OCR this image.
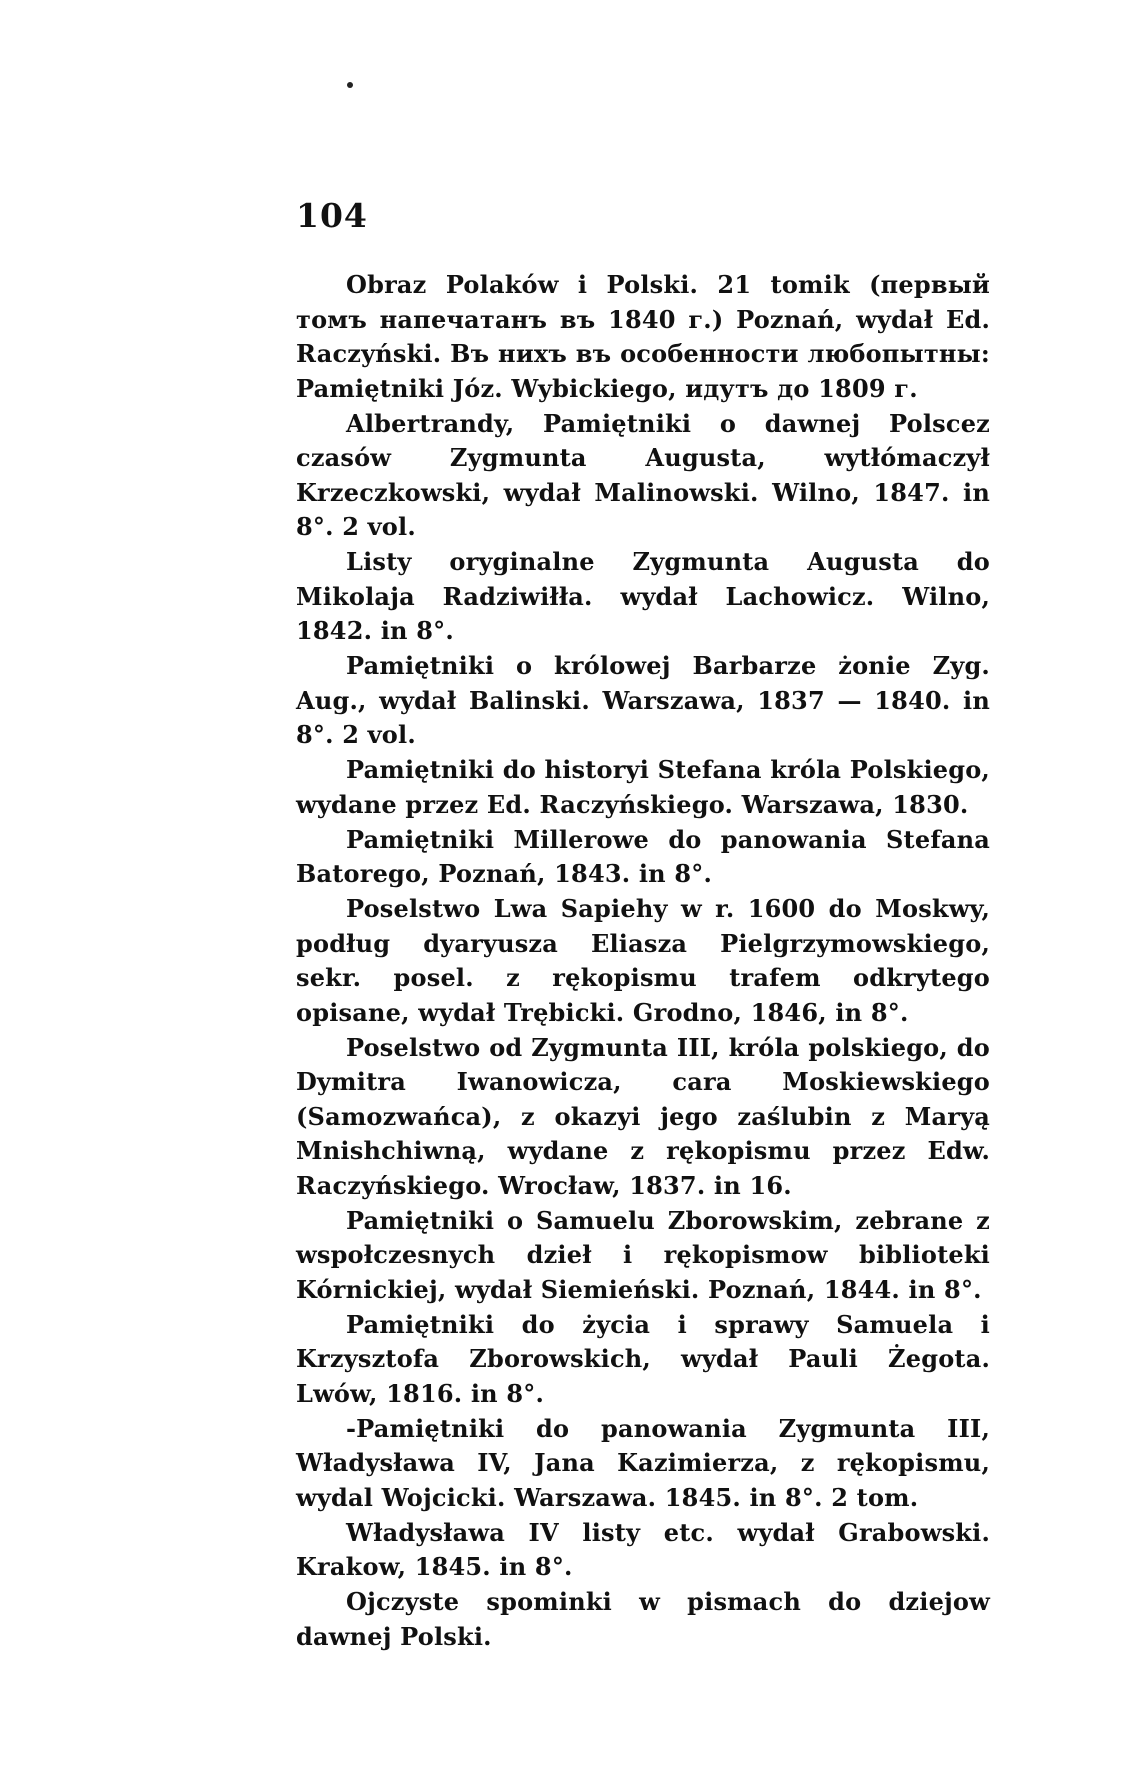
104

Obraz Polaków i Polski. 21 tomik (первый томъ напечатанъ въ 1840 г.) Poznań, wydał Ed. Raczyński. Въ нихъ въ особенности любопытны: Pamiętniki Józ. Wybickiego, идутъ до 1809 г.

Albertrandy, Pamiętniki o dawnej Polscez czasów Zygmunta Augusta, wytłómaczył Krzeczkowski, wydał Malinowski. Wilno, 1847. in 8°. 2 vol.

Listy oryginalne Zygmunta Augusta do Mikolaja Radziwiłła. wydał Lachowicz. Wilno, 1842. in 8°.

Pamiętniki o królowej Barbarze żonie Zyg. Aug., wydał Balinski. Warszawa, 1837 — 1840. in 8°. 2 vol.

Pamiętniki do historyi Stefana króla Polskiego, wydane przez Ed. Raczyńskiego. Warszawa, 1830.

Pamiętniki Millerowe do panowania Stefana Batorego, Poznań, 1843. in 8°.

Poselstwo Lwa Sapiehy w r. 1600 do Moskwy, podług dyaryusza Eliasza Pielgrzymowskiego, sekr. posel. z rękopismu trafem odkrytego opisane, wydał Trębicki. Grodno, 1846, in 8°.

Poselstwo od Zygmunta III, króla polskiego, do Dymitra Iwanowicza, cara Moskiewskiego (Samozwańca), z okazyi jego zaślubin z Maryą Mnishchiwną, wydane z rękopismu przez Edw. Raczyńskiego. Wrocław, 1837. in 16.

Pamiętniki o Samuelu Zborowskim, zebrane z wspołczesnych dzieł i rękopismow biblioteki Kórnickiej, wydał Siemieński. Poznań, 1844. in 8°.

Pamiętniki do życia i sprawy Samuela i Krzysztofa Zborowskich, wydał Pauli Żegota. Lwów, 1816. in 8°.

-Pamiętniki do panowania Zygmunta III, Władysława IV, Jana Kazimierza, z rękopismu, wydal Wojcicki. Warszawa. 1845. in 8°. 2 tom.

Władysława IV listy etc. wydał Grabowski. Krakow, 1845. in 8°.

Ojczyste spominki w pismach do dziejow dawnej Polski.
